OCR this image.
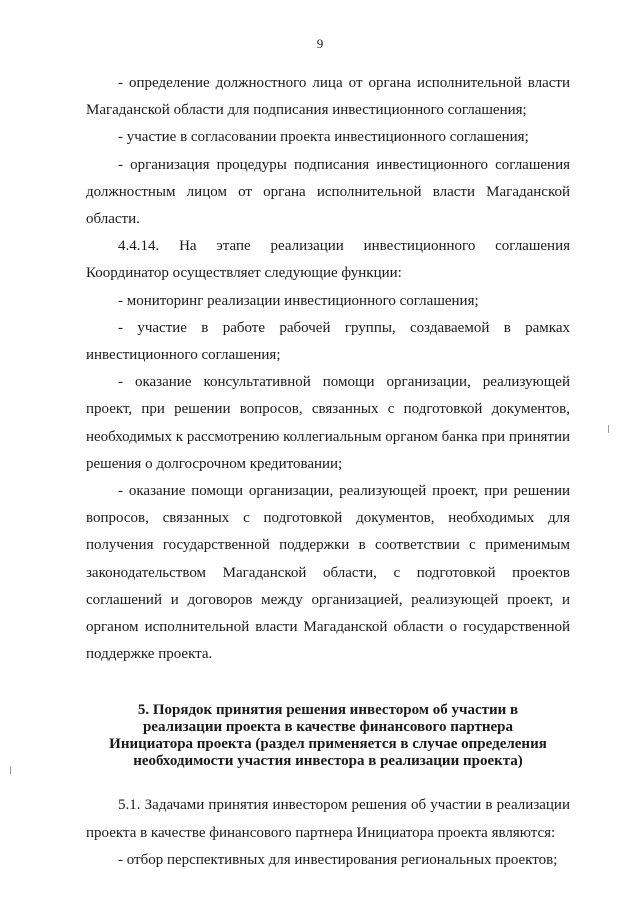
9

- определение должностного лица от органа исполнительной власти Магаданской области для подписания инвестиционного соглашения;

- участие в согласовании проекта инвестиционного соглашения;

- организация процедуры подписания инвестиционного соглашения должностным лицом от органа исполнительной власти Магаданской области.

4.4.14. На этапе реализации инвестиционного соглашения Координатор осуществляет следующие функции:

- мониторинг реализации инвестиционного соглашения;

- участие в работе рабочей группы, создаваемой в рамках инвестиционного соглашения;

- оказание консультативной помощи организации, реализующей проект, при решении вопросов, связанных с подготовкой документов, необходимых к рассмотрению коллегиальным органом банка при принятии решения о долгосрочном кредитовании;

- оказание помощи организации, реализующей проект, при решении вопросов, связанных с подготовкой документов, необходимых для получения государственной поддержки в соответствии с применимым законодательством Магаданской области, с подготовкой проектов соглашений и договоров между организацией, реализующей проект, и органом исполнительной власти Магаданской области о государственной поддержке проекта.

5. Порядок принятия решения инвестором об участии в реализации проекта в качестве финансового партнера Инициатора проекта (раздел применяется в случае определения необходимости участия инвестора в реализации проекта)

5.1. Задачами принятия инвестором решения об участии в реализации проекта в качестве финансового партнера Инициатора проекта являются:

- отбор перспективных для инвестирования региональных проектов;
